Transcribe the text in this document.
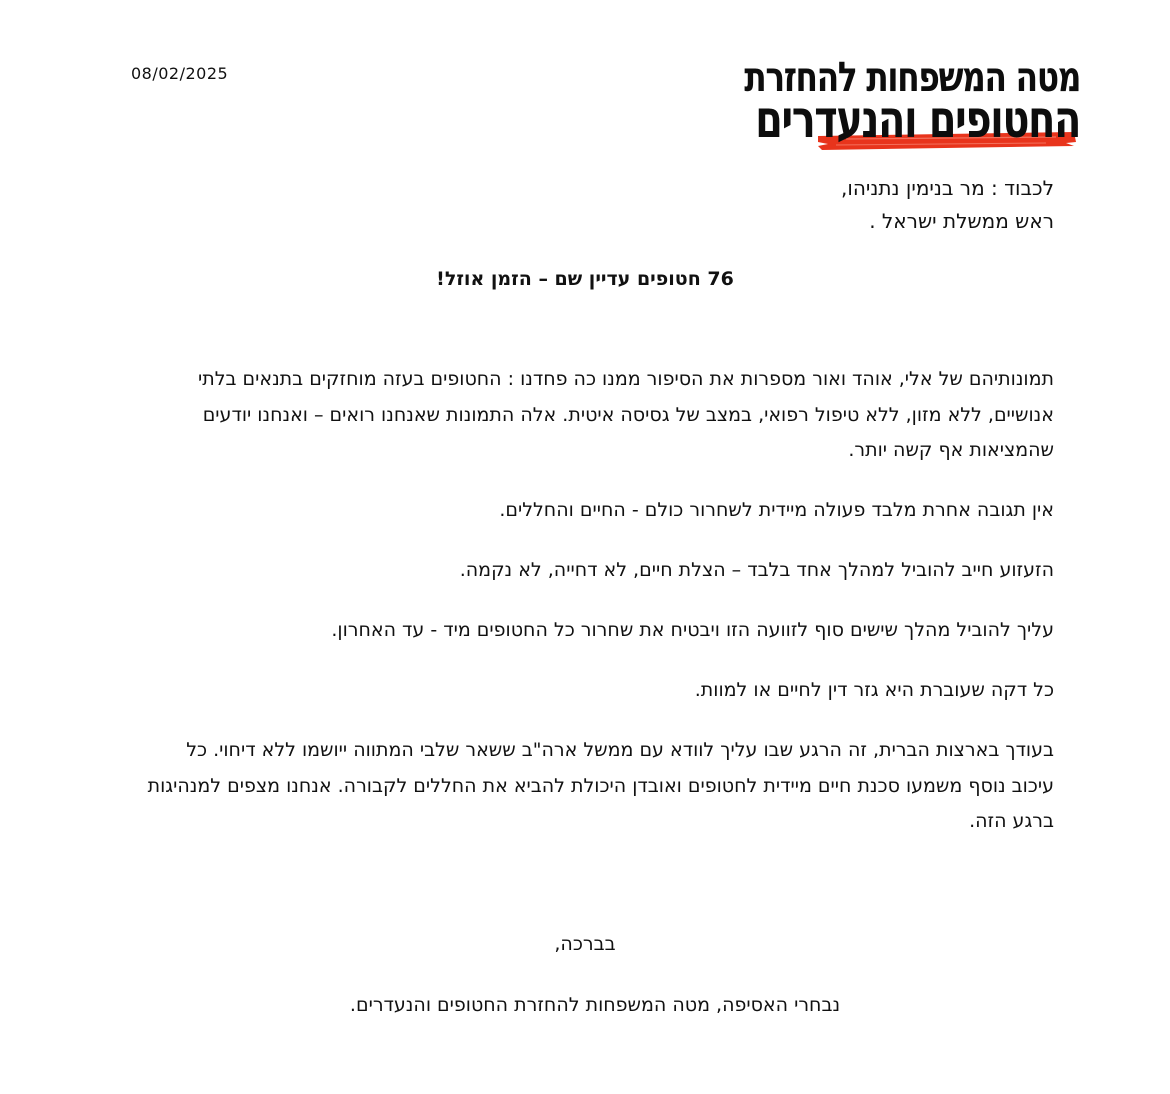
08/02/2025	מטה המשפחות להחזרת
החטופים והנעדרים
לכבוד : מר בנימין נתניהו,
ראש ממשלת ישראל .
76 חטופים עדיין שם – הזמן אוזל!

תמונותיהם של אלי, אוהד ואור מספרות את הסיפור ממנו כה פחדנו : החטופים בעזה מוחזקים בתנאים בלתי אנושיים, ללא מזון, ללא טיפול רפואי, במצב של גסיסה איטית. אלה התמונות שאנחנו רואים – ואנחנו יודעים שהמציאות אף קשה יותר.

אין תגובה אחרת מלבד פעולה מיידית לשחרור כולם - החיים והחללים.

הזעזוע חייב להוביל למהלך אחד בלבד – הצלת חיים, לא דחייה, לא נקמה.

עליך להוביל מהלך שישים סוף לזוועה הזו ויבטיח את שחרור כל החטופים מיד - עד האחרון.

כל דקה שעוברת היא גזר דין לחיים או למוות.

בעודך בארצות הברית, זה הרגע שבו עליך לוודא עם ממשל ארה"ב ששאר שלבי המתווה ייושמו ללא דיחוי. כל עיכוב נוסף משמעו סכנת חיים מיידית לחטופים ואובדן היכולת להביא את החללים לקבורה. אנחנו מצפים למנהיגות ברגע הזה.

בברכה,
נבחרי האסיפה, מטה המשפחות להחזרת החטופים והנעדרים.
